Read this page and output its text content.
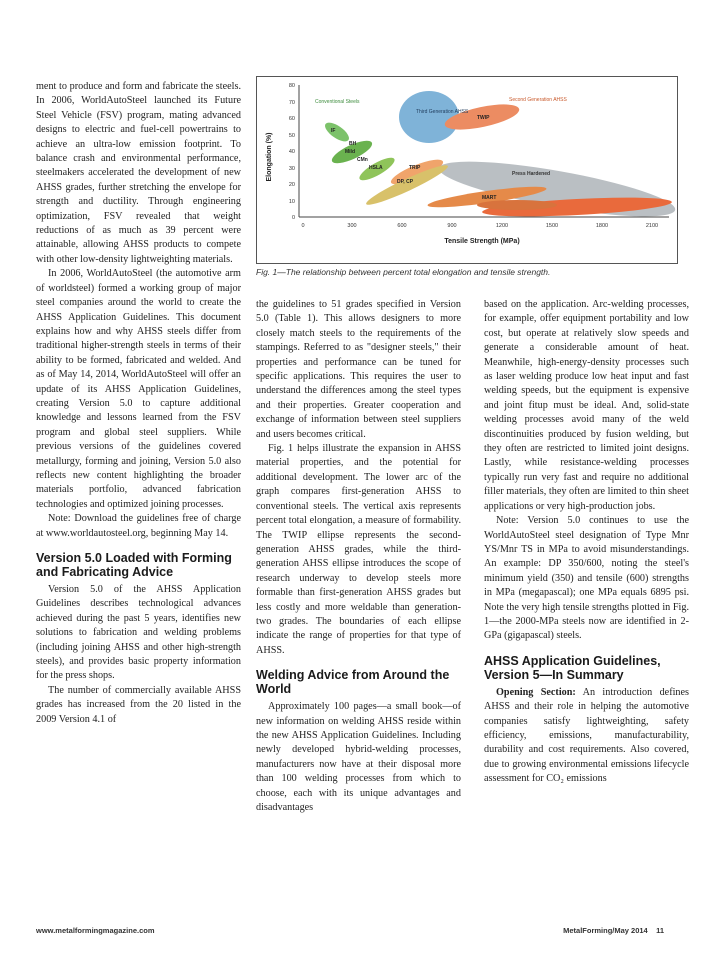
ment to produce and form and fabricate the steels. In 2006, WorldAutoSteel launched its Future Steel Vehicle (FSV) program, mating advanced designs to electric and fuel-cell powertrains to achieve an ultra-low emission footprint. To balance crash and environmental performance, steelmakers accelerated the development of new AHSS grades, further stretching the envelope for strength and ductility. Through engineering optimization, FSV revealed that weight reductions of as much as 39 percent were attainable, allowing AHSS products to compete with other low-density lightweighting materials.

In 2006, WorldAutoSteel (the automotive arm of worldsteel) formed a working group of major steel companies around the world to create the AHSS Application Guidelines. This document explains how and why AHSS steels differ from traditional higher-strength steels in terms of their ability to be formed, fabricated and welded. And as of May 14, 2014, WorldAutoSteel will offer an update of its AHSS Application Guidelines, creating Version 5.0 to capture additional knowledge and lessons learned from the FSV program and global steel suppliers. While previous versions of the guidelines covered metallurgy, forming and joining, Version 5.0 also reflects new content highlighting the broader materials portfolio, advanced fabrication technologies and optimized joining processes.

Note: Download the guidelines free of charge at www.worldautosteel.org, beginning May 14.

Version 5.0 Loaded with Forming and Fabricating Advice

Version 5.0 of the AHSS Application Guidelines describes technological advances achieved during the past 5 years, identifies new solutions to fabrication and welding problems (including joining AHSS and other high-strength steels), and provides basic property information for the press shops.

The number of commercially available AHSS grades has increased from the 20 listed in the 2009 Version 4.1 of

0
10
20
30
40
50
60
70
80
0	300	600	900	1200	1500	1800	2100
Elongation (%)
Tensile Strength (MPa)
Conventional Steels
Third Generation AHSS
Second Generation AHSS
TWIP
Press Hardened
MART
DP, CP
TRIP
HSLA
IF
Mild
CMn
BH
Fig. 1—The relationship between percent total elongation and tensile strength.

the guidelines to 51 grades specified in Version 5.0 (Table 1). This allows designers to more closely match steels to the requirements of the stampings. Referred to as "designer steels," their properties and performance can be tuned for specific applications. This requires the user to understand the differences among the steel types and their properties. Greater cooperation and exchange of information between steel suppliers and users becomes critical.

Fig. 1 helps illustrate the expansion in AHSS material properties, and the potential for additional development. The lower arc of the graph compares first-generation AHSS to conventional steels. The vertical axis represents percent total elongation, a measure of formability. The TWIP ellipse represents the second-generation AHSS grades, while the third-generation AHSS ellipse introduces the scope of research underway to develop steels more formable than first-generation AHSS grades but less costly and more weldable than generation-two grades. The boundaries of each ellipse indicate the range of properties for that type of AHSS.

Welding Advice from Around the World

Approximately 100 pages—a small book—of new information on welding AHSS reside within the new AHSS Application Guidelines. Including newly developed hybrid-welding processes, manufacturers now have at their disposal more than 100 welding processes from which to choose, each with its unique advantages and disadvantages

based on the application. Arc-welding processes, for example, offer equipment portability and low cost, but operate at relatively slow speeds and generate a considerable amount of heat. Meanwhile, high-energy-density processes such as laser welding produce low heat input and fast welding speeds, but the equipment is expensive and joint fitup must be ideal. And, solid-state welding processes avoid many of the weld discontinuities produced by fusion welding, but they often are restricted to limited joint designs. Lastly, while resistance-welding processes typically run very fast and require no additional filler materials, they often are limited to thin sheet applications or very high-production jobs.

Note: Version 5.0 continues to use the WorldAutoSteel steel designation of Type Mnr YS/Mnr TS in MPa to avoid misunderstandings. An example: DP 350/600, noting the steel's minimum yield (350) and tensile (600) strengths in MPa (megapascal); one MPa equals 6895 psi. Note the very high tensile strengths plotted in Fig. 1—the 2000-MPa steels now are identified in 2-GPa (gigapascal) steels.

AHSS Application Guidelines, Version 5—In Summary

Opening Section: An introduction defines AHSS and their role in helping the automotive companies satisfy lightweighting, safety efficiency, emissions, manufacturability, durability and cost requirements. Also covered, due to growing environmental emissions lifecycle assessment for CO₂ emissions

www.metalformingmagazine.com	MetalForming/May 2014 11
